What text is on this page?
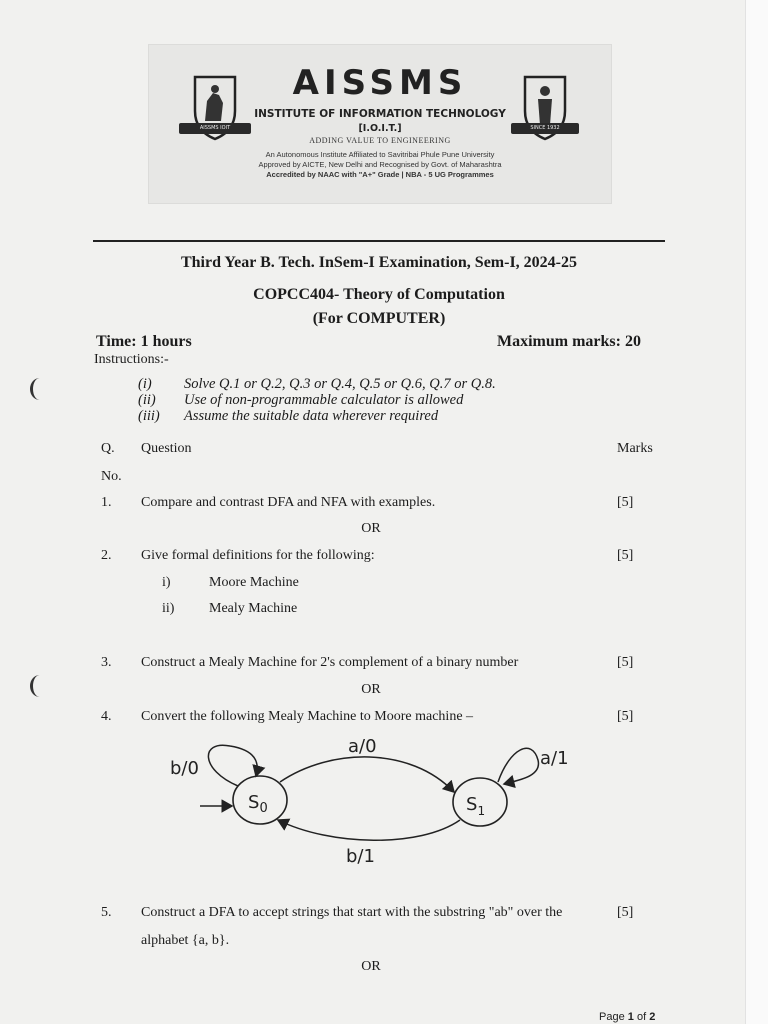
AISSMS IOIT	SINCE 1932
AISSMS
INSTITUTE OF INFORMATION TECHNOLOGY
[I.O.I.T.]
ADDING VALUE TO ENGINEERING
An Autonomous Institute Affiliated to Savitribai Phule Pune University
Approved by AICTE, New Delhi and Recognised by Govt. of Maharashtra
Accredited by NAAC with "A+" Grade | NBA - 5 UG Programmes
Third Year B. Tech. InSem-I Examination, Sem-I, 2024-25
COPCC404- Theory of Computation
(For COMPUTER)
Time: 1 hours	Maximum marks: 20
Instructions:-
(i) Solve Q.1 or Q.2, Q.3 or Q.4, Q.5 or Q.6, Q.7 or Q.8.
(ii) Use of non-programmable calculator is allowed
(iii) Assume the suitable data wherever required
Q.
No.
Question	Marks
1. Compare and contrast DFA and NFA with examples.	[5]
OR
2. Give formal definitions for the following:	[5]
i)	Moore Machine
ii) Mealy Machine
3. Construct a Mealy Machine for 2's complement of a binary number	[5]
OR
4. Convert the following Mealy Machine to Moore machine –	[5]
$S_0$	$S_1$
b/0	a/1
a/0
b/1
5. Construct a DFA to accept strings that start with the substring "ab" over the
alphabet {a, b}.
[5]
OR
Page 1 of 2
